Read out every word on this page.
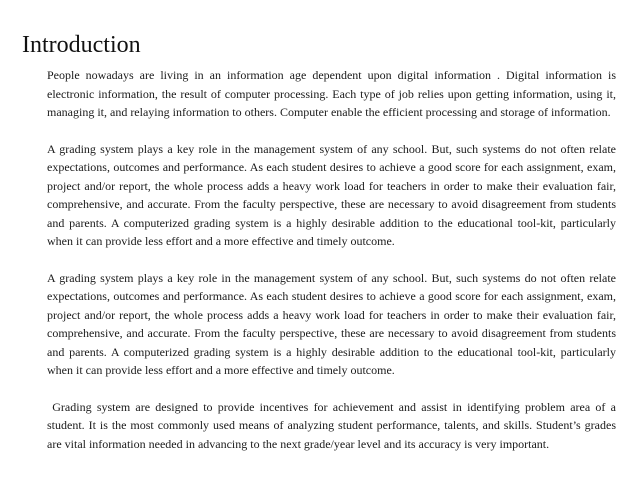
Introduction

People nowadays are living in an information age dependent upon digital information . Digital information is electronic information, the result of computer processing. Each type of job relies upon getting information, using it, managing it, and relaying information to others. Computer enable the efficient processing and storage of information.

A grading system plays a key role in the management system of any school. But, such systems do not often relate expectations, outcomes and performance. As each student desires to achieve a good score for each assignment, exam, project and/or report, the whole process adds a heavy work load for teachers in order to make their evaluation fair, comprehensive, and accurate. From the faculty perspective, these are necessary to avoid disagreement from students and parents. A computerized grading system is a highly desirable addition to the educational tool-kit, particularly when it can provide less effort and a more effective and timely outcome.

A grading system plays a key role in the management system of any school. But, such systems do not often relate expectations, outcomes and performance. As each student desires to achieve a good score for each assignment, exam, project and/or report, the whole process adds a heavy work load for teachers in order to make their evaluation fair, comprehensive, and accurate. From the faculty perspective, these are necessary to avoid disagreement from students and parents. A computerized grading system is a highly desirable addition to the educational tool-kit, particularly when it can provide less effort and a more effective and timely outcome.

Grading system are designed to provide incentives for achievement and assist in identifying problem area of a student. It is the most commonly used means of analyzing student performance, talents, and skills. Student’s grades are vital information needed in advancing to the next grade/year level and its accuracy is very important.
